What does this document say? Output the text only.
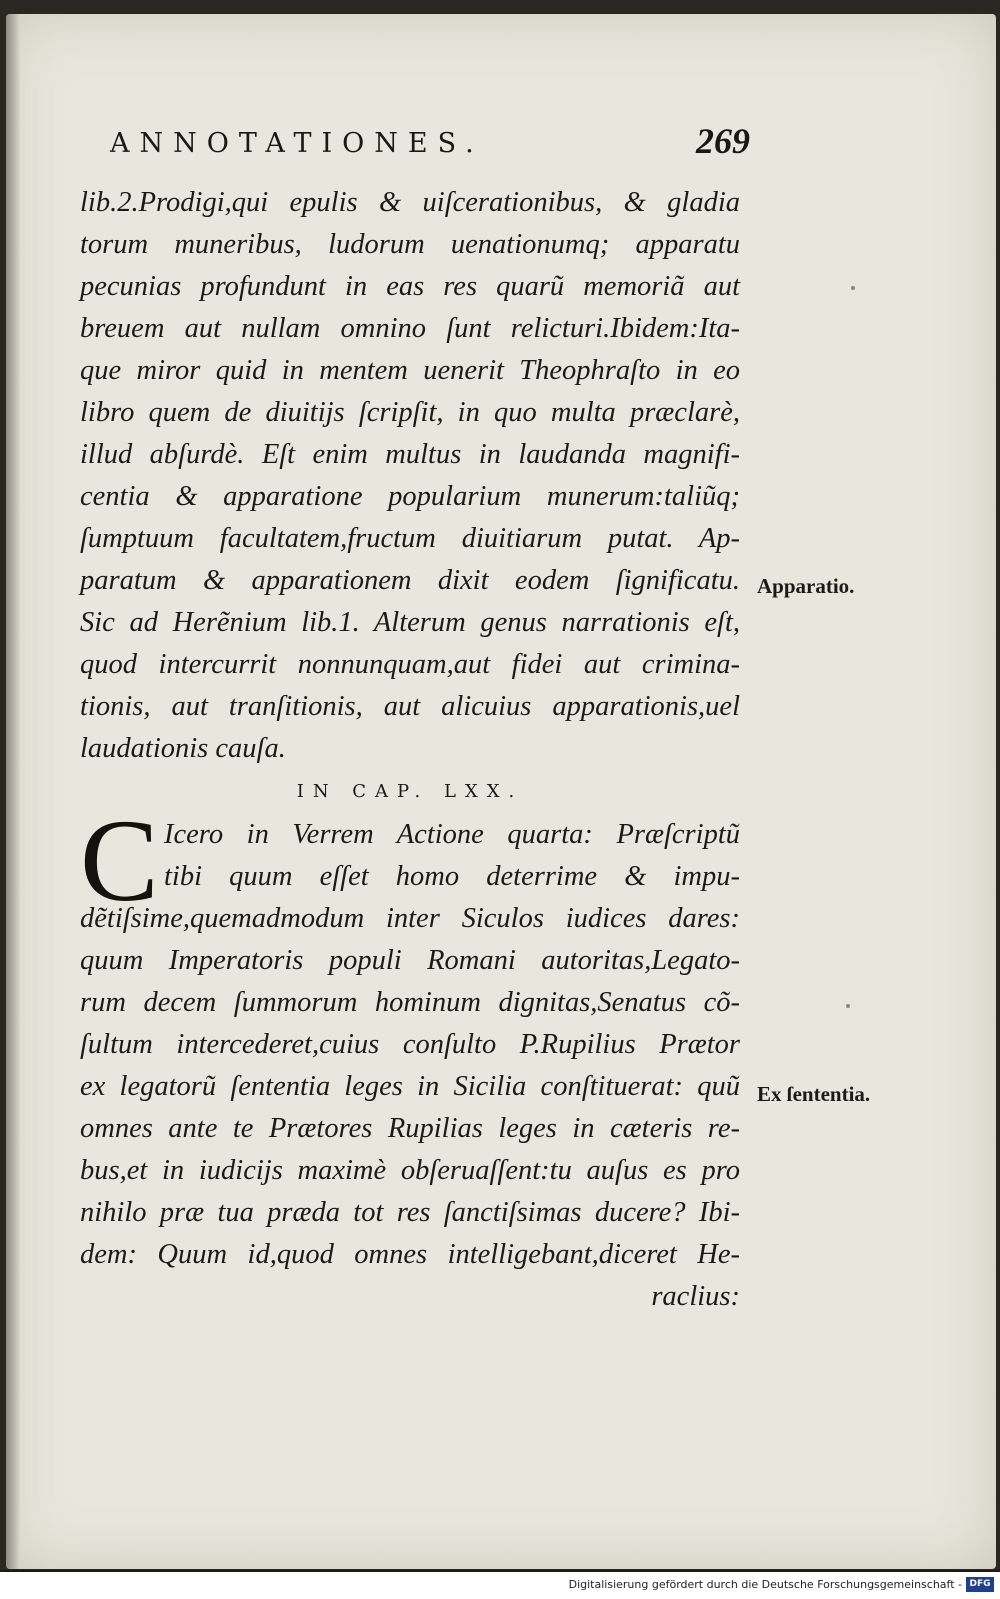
ANNOTATIONES.	269
lib.2.Prodigi,qui epulis & uiſcerationibus, & gladia
torum muneribus, ludorum uenationumq; apparatu
pecunias profundunt in eas res quarũ memoriã aut
breuem aut nullam omnino ſunt relicturi.Ibidem:Ita-
que miror quid in mentem uenerit Theophraſto in eo
libro quem de diuitijs ſcripſit, in quo multa præclarè,
illud abſurdè. Eſt enim multus in laudanda magnifi-
centia & apparatione popularium munerum:taliũq;
ſumptuum facultatem,fructum diuitiarum putat. Ap-
paratum & apparationem dixit eodem ſignificatu.
Sic ad Herẽnium lib.1. Alterum genus narrationis eſt,
quod intercurrit nonnunquam,aut fidei aut crimina-
tionis, aut tranſitionis, aut alicuius apparationis,uel
laudationis cauſa.
IN CAP. LXX.
C Icero in Verrem Actione quarta: Præſcriptũ
tibi quum eſſet homo deterrime & impu-
dẽtiſsime,quemadmodum inter Siculos iudices dares:
quum Imperatoris populi Romani autoritas,Legato-
rum decem ſummorum hominum dignitas,Senatus cõ-
ſultum intercederet,cuius conſulto P.Rupilius Prætor
ex legatorũ ſententia leges in Sicilia conſtituerat: quũ
omnes ante te Prætores Rupilias leges in cæteris re-
bus,et in iudicijs maximè obſeruaſſent:tu auſus es pro
nihilo præ tua præda tot res ſanctiſsimas ducere? Ibi-
dem: Quum id,quod omnes intelligebant,diceret He-
raclius:
Apparatio.
Ex ſententia.
Digitalisierung gefördert durch die Deutsche Forschungsgemeinschaft - DFG
